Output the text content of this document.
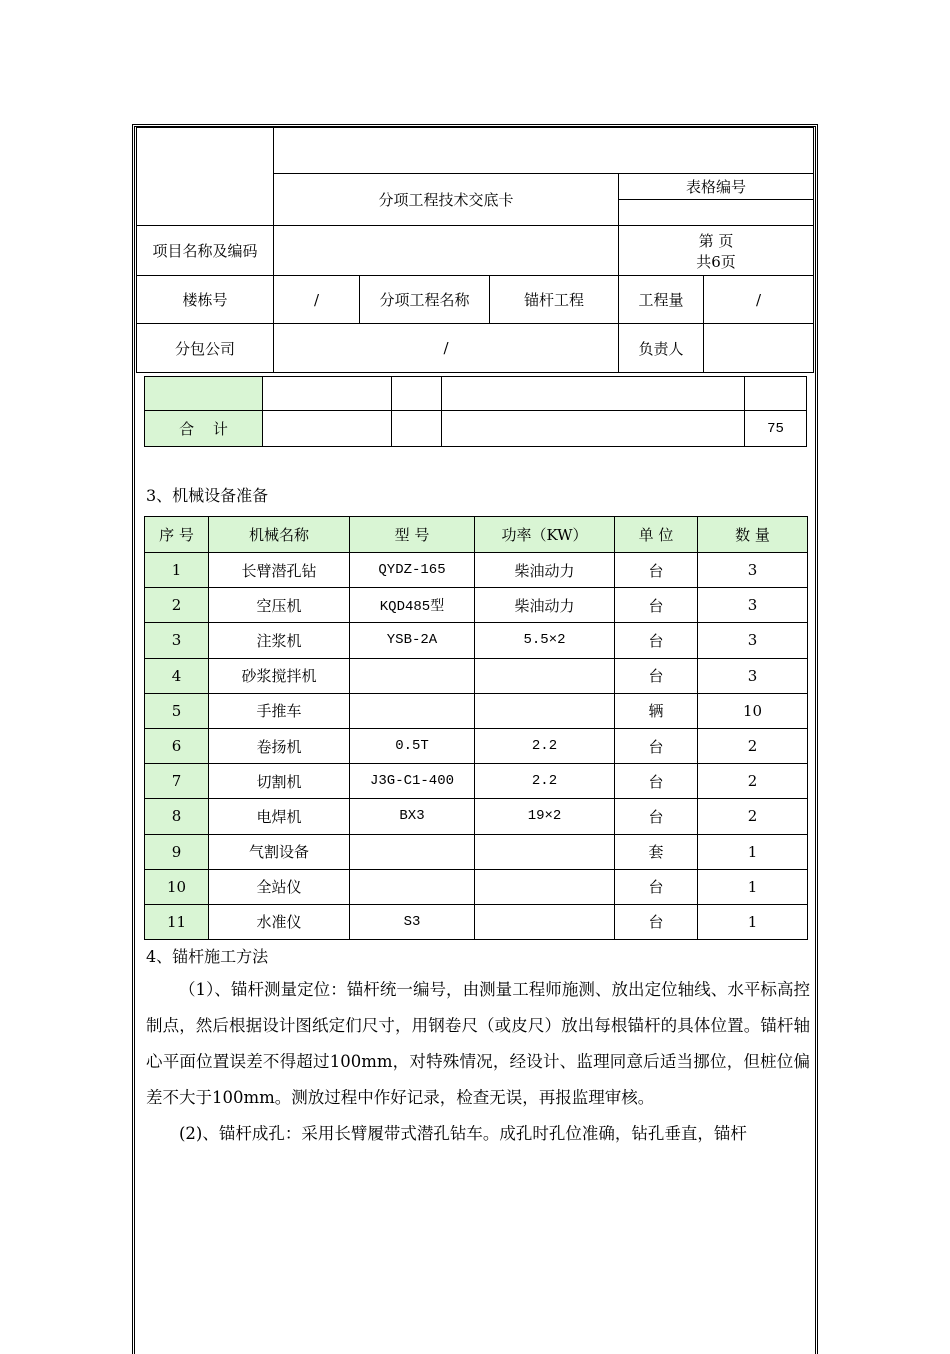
	分项工程技术交底卡			表格编号	

项目名称及编码				第 页
共6页	

楼栋号	/	分项工程名称	锚杆工程	工程量	/
分包公司	/			负责人	

合 计				75
3、机械设备准备
序 号	机械名称	型 号	功率（KW）	单 位	数 量
1	长臂潜孔钻	QYDZ-165	柴油动力	台	3
2	空压机	KQD485型	柴油动力	台	3
3	注浆机	YSB-2A	5.5×2	台	3
4	砂浆搅拌机			台	3
5	手推车			辆	10
6	卷扬机	0.5T	2.2	台	2
7	切割机	J3G-C1-400	2.2	台	2
8	电焊机	BX3	19×2	台	2
9	气割设备			套	1
10	全站仪			台	1
11	水准仪	S3		台	1
4、锚杆施工方法

（1）、锚杆测量定位：锚杆统一编号，由测量工程师施测、放出定位轴线、水平标高控制点，然后根据设计图纸定们尺寸，用钢卷尺（或皮尺）放出每根锚杆的具体位置。锚杆轴心平面位置误差不得超过100mm，对特殊情况，经设计、监理同意后适当挪位，但桩位偏差不大于100mm。测放过程中作好记录，检查无误，再报监理审核。

(2)、锚杆成孔：采用长臂履带式潜孔钻车。成孔时孔位准确，钻孔垂直，锚杆
